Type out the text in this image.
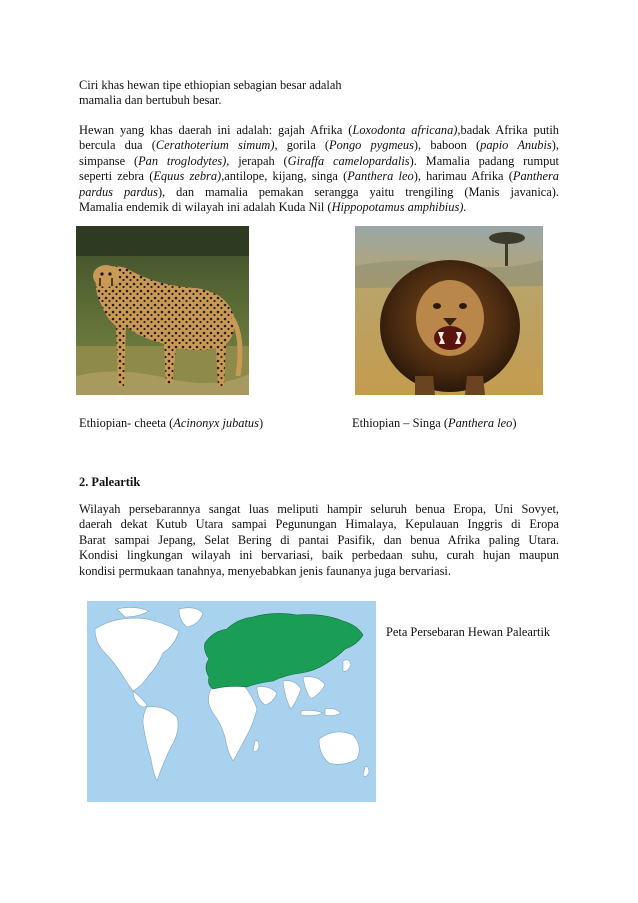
Ciri khas hewan tipe ethiopian sebagian besar adalah
mamalia dan bertubuh besar.
Hewan yang khas daerah ini adalah: gajah Afrika (Loxodonta africana),badak Afrika putih
bercula dua (Cerathoterium simum), gorila (Pongo pygmeus), baboon (papio Anubis),
simpanse (Pan troglodytes), jerapah (Giraffa camelopardalis). Mamalia padang rumput
seperti zebra (Equus zebra),antilope, kijang, singa (Panthera leo), harimau Afrika (Panthera
pardus pardus), dan mamalia pemakan serangga yaitu trengiling (Manis javanica).
Mamalia endemik di wilayah ini adalah Kuda Nil (Hippopotamus amphibius).
Ethiopian- cheeta (Acinonyx jubatus)	Ethiopian – Singa (Panthera leo)
2. Paleartik
Wilayah persebarannya sangat luas meliputi hampir seluruh benua Eropa, Uni Sovyet,
daerah dekat Kutub Utara sampai Pegunungan Himalaya, Kepulauan Inggris di Eropa
Barat sampai Jepang, Selat Bering di pantai Pasifik, dan benua Afrika paling Utara.
Kondisi lingkungan wilayah ini bervariasi, baik perbedaan suhu, curah hujan maupun
kondisi permukaan tanahnya, menyebabkan jenis faunanya juga bervariasi.
Peta Persebaran Hewan Paleartik
